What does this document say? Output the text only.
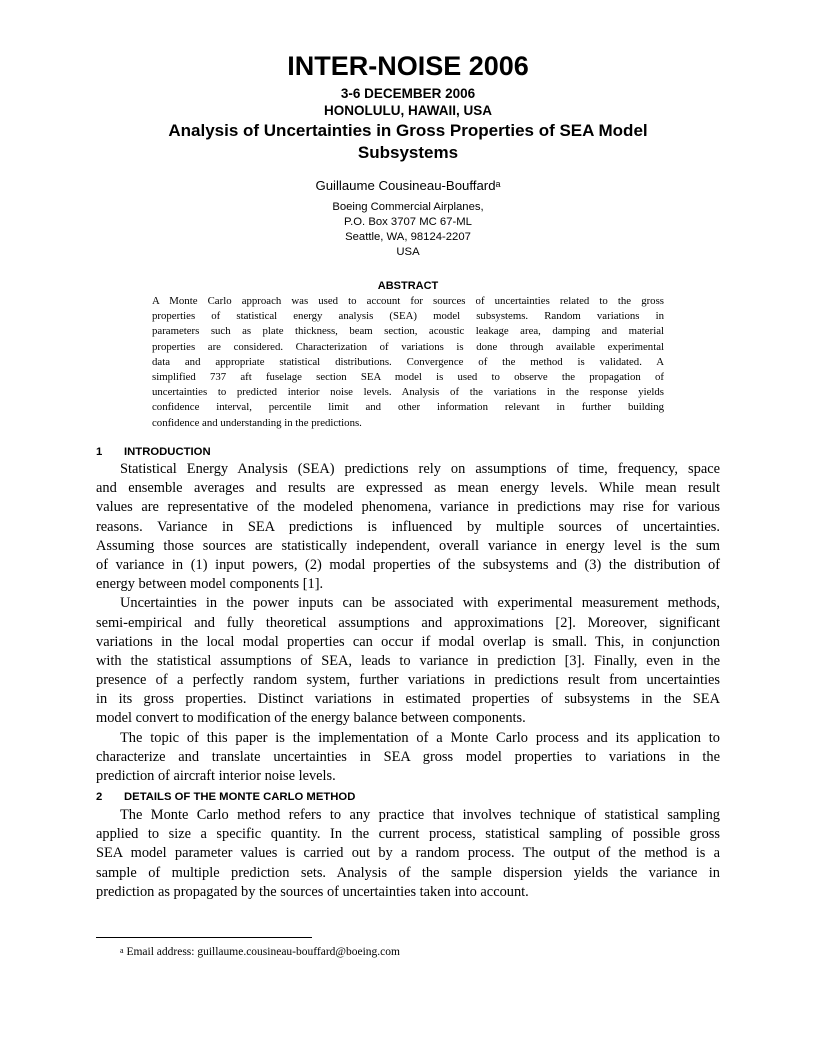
INTER-NOISE 2006
3-6 DECEMBER 2006
HONOLULU, HAWAII, USA
Analysis of Uncertainties in Gross Properties of SEA Model
Subsystems
Guillaume Cousineau-Bouffard$^a$
Boeing Commercial Airplanes,
P.O. Box 3707 MC 67-ML
Seattle, WA, 98124-2207
USA
ABSTRACT
A Monte Carlo approach was used to account for sources of uncertainties related to the gross
properties of statistical energy analysis (SEA) model subsystems. Random variations in
parameters such as plate thickness, beam section, acoustic leakage area, damping and material
properties are considered. Characterization of variations is done through available experimental
data and appropriate statistical distributions. Convergence of the method is validated. A
simplified 737 aft fuselage section SEA model is used to observe the propagation of
uncertainties to predicted interior noise levels. Analysis of the variations in the response yields
confidence interval, percentile limit and other information relevant in further building
confidence and understanding in the predictions.
1 INTRODUCTION
Statistical Energy Analysis (SEA) predictions rely on assumptions of time, frequency, space
and ensemble averages and results are expressed as mean energy levels. While mean result
values are representative of the modeled phenomena, variance in predictions may rise for various
reasons. Variance in SEA predictions is influenced by multiple sources of uncertainties.
Assuming those sources are statistically independent, overall variance in energy level is the sum
of variance in (1) input powers, (2) modal properties of the subsystems and (3) the distribution of
energy between model components [1].
Uncertainties in the power inputs can be associated with experimental measurement methods,
semi-empirical and fully theoretical assumptions and approximations [2]. Moreover, significant
variations in the local modal properties can occur if modal overlap is small. This, in conjunction
with the statistical assumptions of SEA, leads to variance in prediction [3]. Finally, even in the
presence of a perfectly random system, further variations in predictions result from uncertainties
in its gross properties. Distinct variations in estimated properties of subsystems in the SEA
model convert to modification of the energy balance between components.
The topic of this paper is the implementation of a Monte Carlo process and its application to
characterize and translate uncertainties in SEA gross model properties to variations in the
prediction of aircraft interior noise levels.
2 DETAILS OF THE MONTE CARLO METHOD
The Monte Carlo method refers to any practice that involves technique of statistical sampling
applied to size a specific quantity. In the current process, statistical sampling of possible gross
SEA model parameter values is carried out by a random process. The output of the method is a
sample of multiple prediction sets. Analysis of the sample dispersion yields the variance in
prediction as propagated by the sources of uncertainties taken into account.
$^a$ Email address: guillaume.cousineau-bouffard@boeing.com
